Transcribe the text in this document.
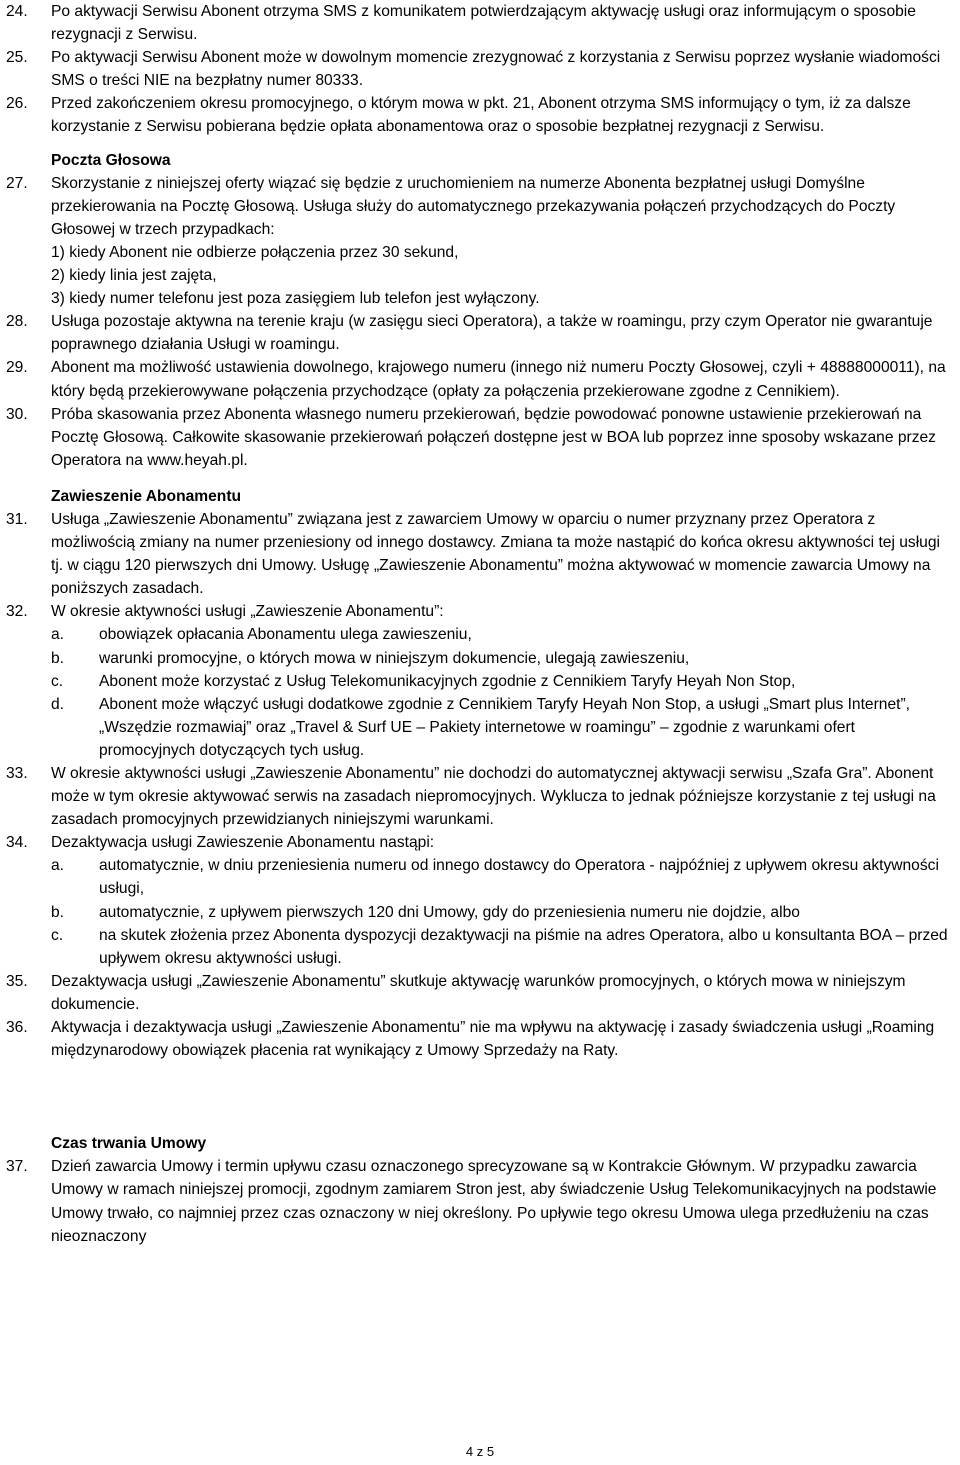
24.	Po aktywacji Serwisu Abonent otrzyma SMS z komunikatem potwierdzającym aktywację usługi oraz informującym o sposobie rezygnacji z Serwisu.
25.	Po aktywacji Serwisu Abonent może w dowolnym momencie zrezygnować z korzystania z Serwisu poprzez wysłanie wiadomości SMS o treści NIE na bezpłatny numer 80333.
26.	Przed zakończeniem okresu promocyjnego, o którym mowa w pkt. 21, Abonent otrzyma SMS informujący o tym, iż za dalsze korzystanie z Serwisu pobierana będzie opłata abonamentowa oraz o sposobie bezpłatnej rezygnacji z Serwisu.
Poczta Głosowa
27.	Skorzystanie z niniejszej oferty wiązać się będzie z uruchomieniem na numerze Abonenta bezpłatnej usługi Domyślne przekierowania na Pocztę Głosową. Usługa służy do automatycznego przekazywania połączeń przychodzących do Poczty Głosowej w trzech przypadkach:
1) kiedy Abonent nie odbierze połączenia przez 30 sekund,
2) kiedy linia jest zajęta,
3) kiedy numer telefonu jest poza zasięgiem lub telefon jest wyłączony.
28.	Usługa pozostaje aktywna na terenie kraju (w zasięgu sieci Operatora), a także w roamingu, przy czym Operator nie gwarantuje poprawnego działania Usługi w roamingu.
29.	Abonent ma możliwość ustawienia dowolnego, krajowego numeru (innego niż numeru Poczty Głosowej, czyli + 48888000011), na który będą przekierowywane połączenia przychodzące (opłaty za połączenia przekierowane zgodne z Cennikiem).
30.	Próba skasowania przez Abonenta własnego numeru przekierowań, będzie powodować ponowne ustawienie przekierowań na Pocztę Głosową. Całkowite skasowanie przekierowań połączeń dostępne jest w BOA lub poprzez inne sposoby wskazane przez Operatora na www.heyah.pl.
Zawieszenie Abonamentu
31.	Usługa „Zawieszenie Abonamentu” związana jest z zawarciem Umowy w oparciu o numer przyznany przez Operatora z możliwością zmiany na numer przeniesiony od innego dostawcy. Zmiana ta może nastąpić do końca okresu aktywności tej usługi tj. w ciągu 120 pierwszych dni Umowy. Usługę „Zawieszenie Abonamentu” można aktywować w momencie zawarcia Umowy na poniższych zasadach.
32.	W okresie aktywności usługi „Zawieszenie Abonamentu”:
a.	obowiązek opłacania Abonamentu ulega zawieszeniu,
b.	warunki promocyjne, o których mowa w niniejszym dokumencie, ulegają zawieszeniu,
c.	Abonent może korzystać z Usług Telekomunikacyjnych zgodnie z Cennikiem Taryfy Heyah Non Stop,
d.	Abonent może włączyć usługi dodatkowe zgodnie z Cennikiem Taryfy Heyah Non Stop, a usługi „Smart plus Internet”, „Wszędzie rozmawiaj” oraz „Travel & Surf UE – Pakiety internetowe w roamingu” – zgodnie z warunkami ofert promocyjnych dotyczących tych usług.
33.	W okresie aktywności usługi „Zawieszenie Abonamentu” nie dochodzi do automatycznej aktywacji serwisu „Szafa Gra”. Abonent może w tym okresie aktywować serwis na zasadach niepromocyjnych. Wyklucza to jednak późniejsze korzystanie z tej usługi na zasadach promocyjnych przewidzianych niniejszymi warunkami.
34.	Dezaktywacja usługi Zawieszenie Abonamentu nastąpi:
a.	automatycznie, w dniu przeniesienia numeru od innego dostawcy do Operatora - najpóźniej z upływem okresu aktywności usługi,
b.	automatycznie, z upływem pierwszych 120 dni Umowy, gdy do przeniesienia numeru nie dojdzie, albo
c.	na skutek złożenia przez Abonenta dyspozycji dezaktywacji na piśmie na adres Operatora, albo u konsultanta BOA – przed upływem okresu aktywności usługi.
35.	Dezaktywacja usługi „Zawieszenie Abonamentu” skutkuje aktywację warunków promocyjnych, o których mowa w niniejszym dokumencie.
36.	Aktywacja i dezaktywacja usługi „Zawieszenie Abonamentu” nie ma wpływu na aktywację i zasady świadczenia usługi „Roaming międzynarodowy obowiązek płacenia rat wynikający z Umowy Sprzedaży na Raty.
Czas trwania Umowy
37.	Dzień zawarcia Umowy i termin upływu czasu oznaczonego sprecyzowane są w Kontrakcie Głównym. W przypadku zawarcia Umowy w ramach niniejszej promocji, zgodnym zamiarem Stron jest, aby świadczenie Usług Telekomunikacyjnych na podstawie Umowy trwało, co najmniej przez czas oznaczony w niej określony. Po upływie tego okresu Umowa ulega przedłużeniu na czas nieoznaczony
4 z 5
